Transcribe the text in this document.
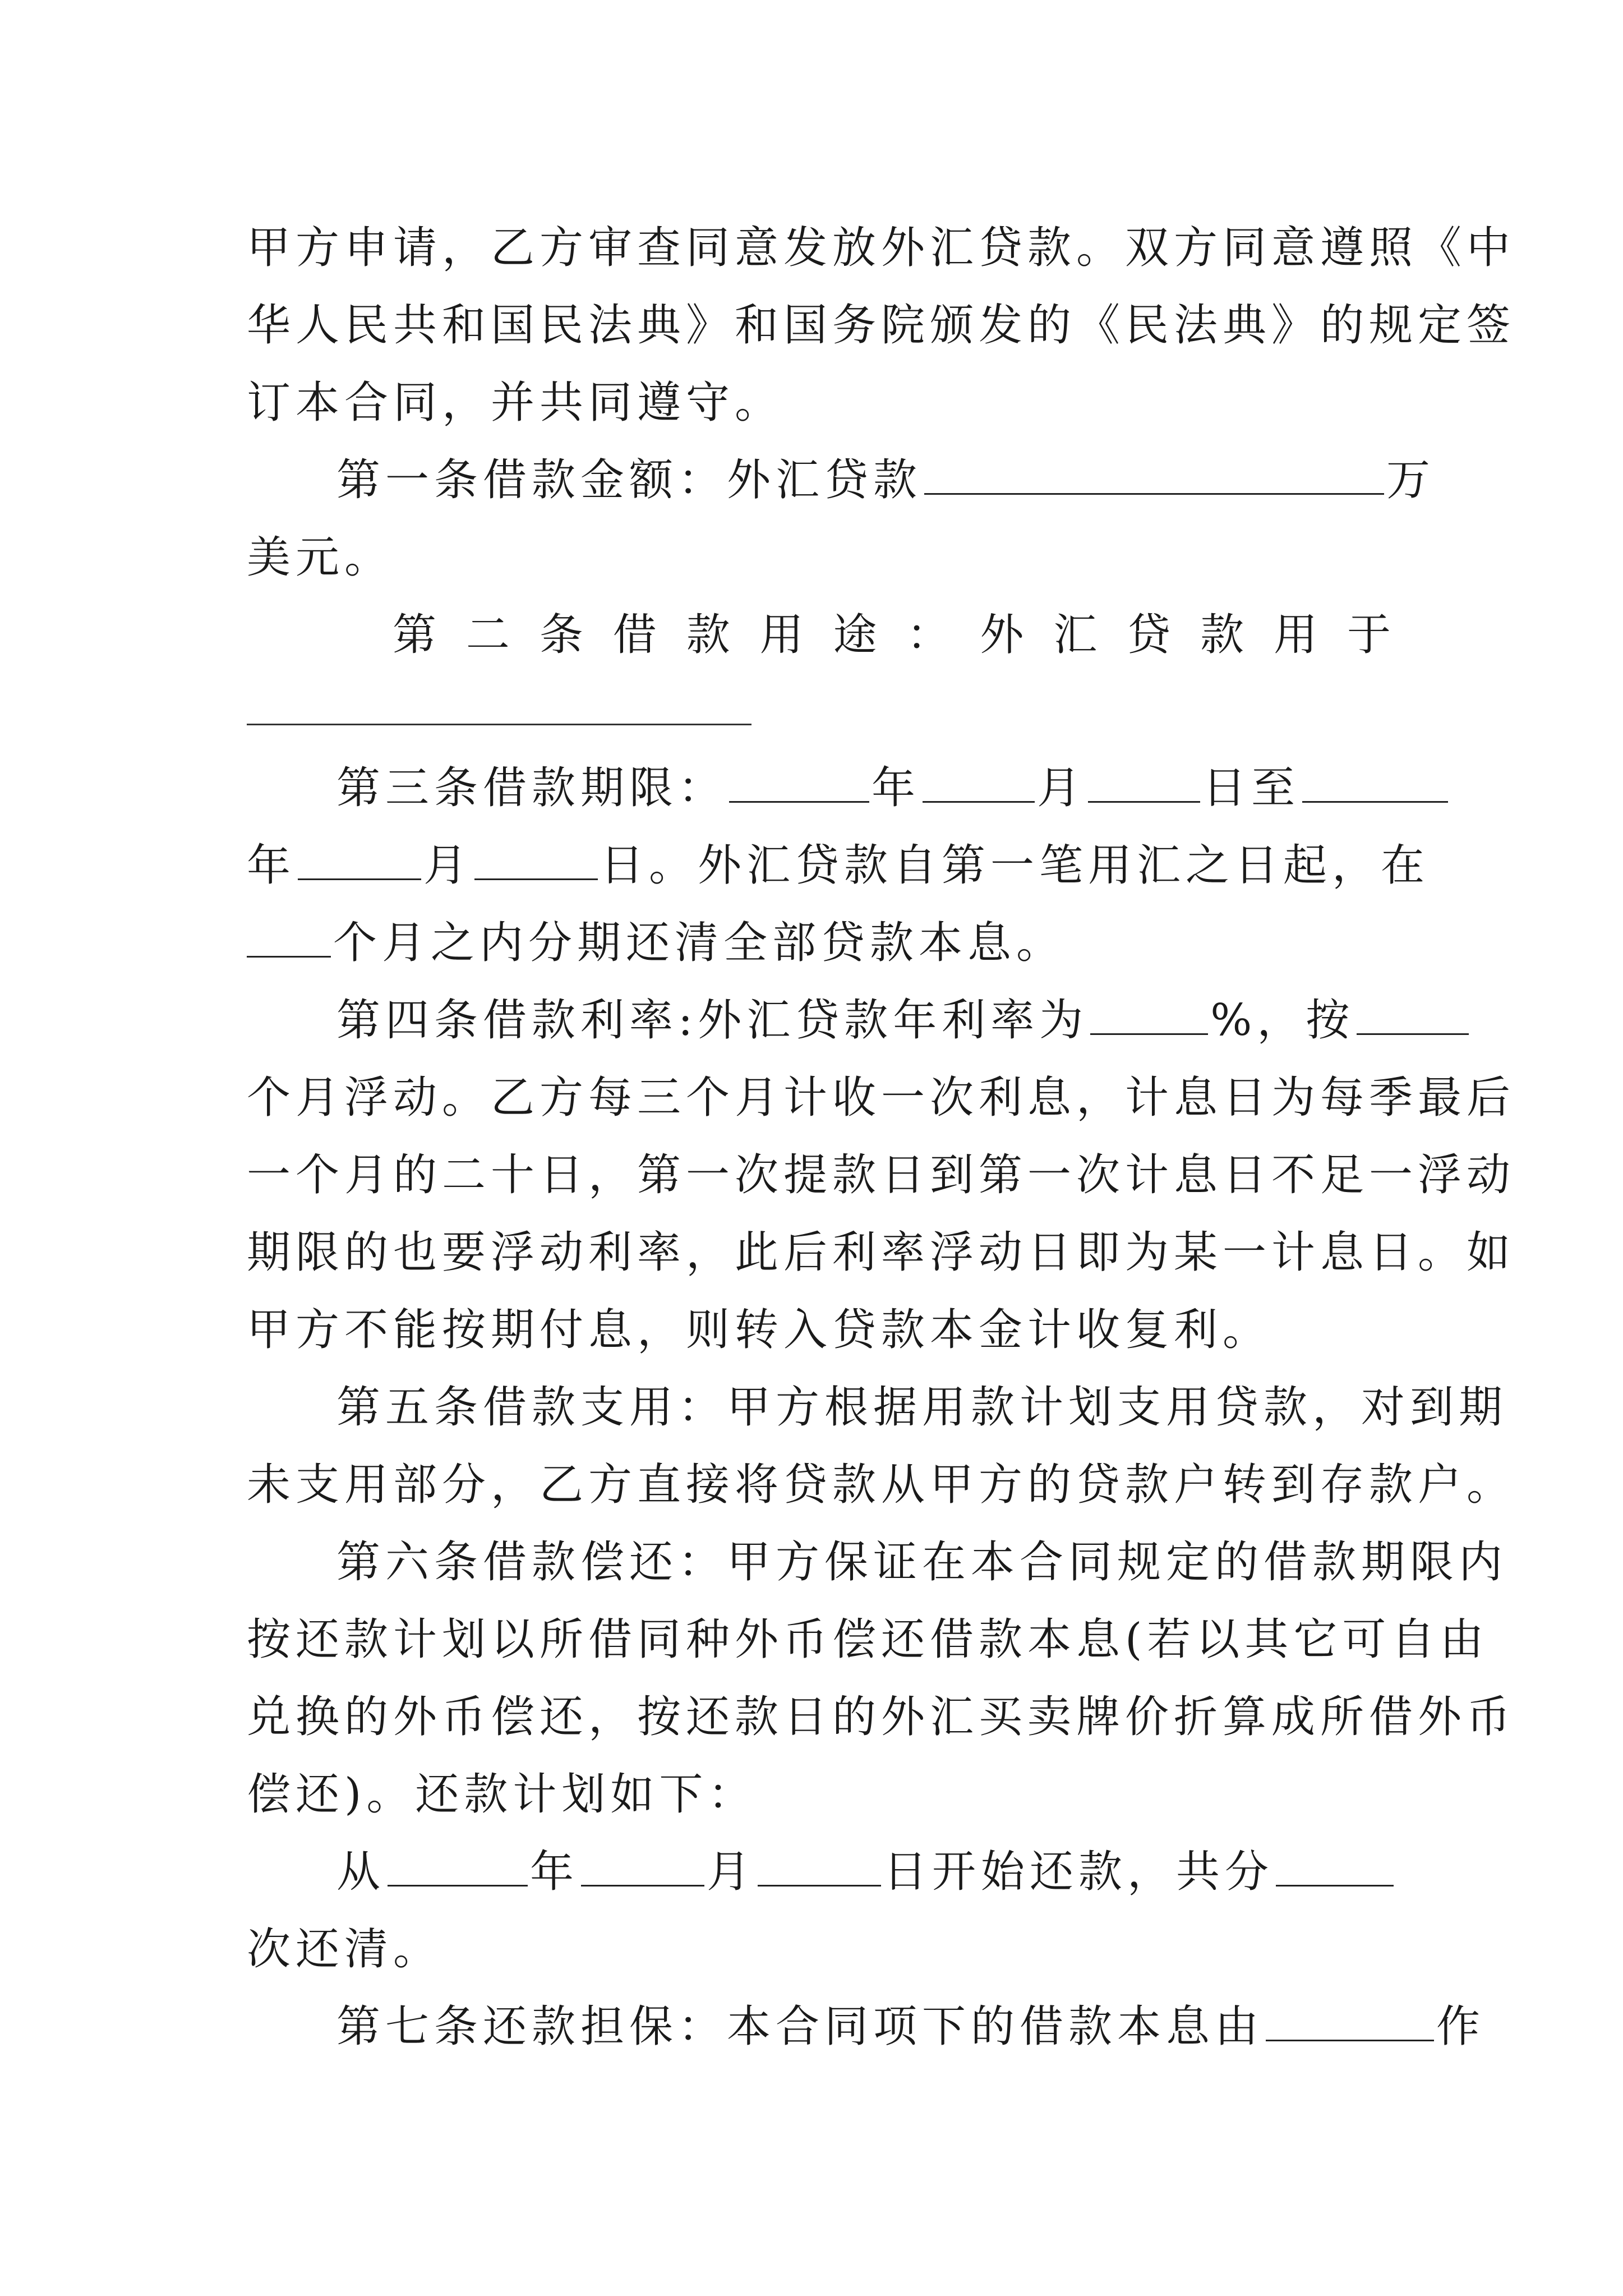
甲方申请，乙方审查同意发放外汇贷款。双方同意遵照《中
华人民共和国民法典》和国务院颁发的《民法典》的规定签
订本合同，并共同遵守。
第一条借款金额：外汇贷款	万
美元。
第 二 条 借 款 用 途 ： 外 汇 贷 款 用 于
第三条借款期限：	年	月	日至
年	月	日。外汇贷款自第一笔用汇之日起，在
个月之内分期还清全部贷款本息。
第四条借款利率:外汇贷款年利率为	%，按
个月浮动。乙方每三个月计收一次利息，计息日为每季最后
一个月的二十日，第一次提款日到第一次计息日不足一浮动
期限的也要浮动利率，此后利率浮动日即为某一计息日。如
甲方不能按期付息，则转入贷款本金计收复利。
第五条借款支用：甲方根据用款计划支用贷款，对到期
未支用部分，乙方直接将贷款从甲方的贷款户转到存款户。
第六条借款偿还：甲方保证在本合同规定的借款期限内
按还款计划以所借同种外币偿还借款本息(若以其它可自由
兑换的外币偿还，按还款日的外汇买卖牌价折算成所借外币
偿还)。还款计划如下：
从	年	月	日开始还款，共分
次还清。
第七条还款担保：本合同项下的借款本息由	作
